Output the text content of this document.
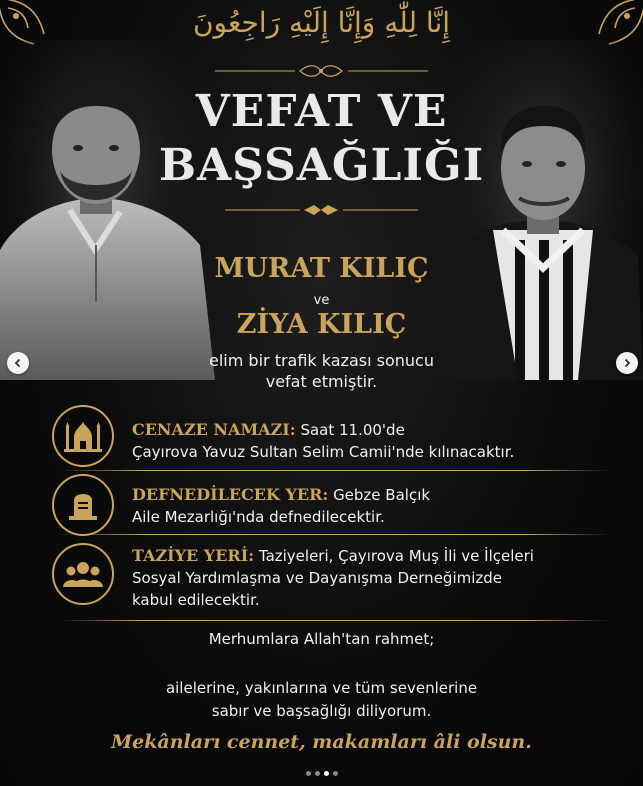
إِنَّا لِلّٰهِ وَإِنَّا إِلَيْهِ رَاجِعُونَ
VEFAT VE
BAŞSAĞLIĞI
MURAT KILIÇ
ve
ZİYA KILIÇ
elim bir trafik kazası sonucu
vefat etmiştir.
CENAZE NAMAZI: Saat 11.00'de
Çayırova Yavuz Sultan Selim Camii'nde kılınacaktır.
DEFNEDİLECEK YER: Gebze Balçık
Aile Mezarlığı'nda defnedilecektir.
TAZİYE YERİ: Taziyeleri, Çayırova Muş İli ve İlçeleri
Sosyal Yardımlaşma ve Dayanışma Derneğimizde
kabul edilecektir.
Merhumlara Allah'tan rahmet;
ailelerine, yakınlarına ve tüm sevenlerine
sabır ve başsağlığı diliyorum.
Mekânları cennet, makamları âli olsun.
